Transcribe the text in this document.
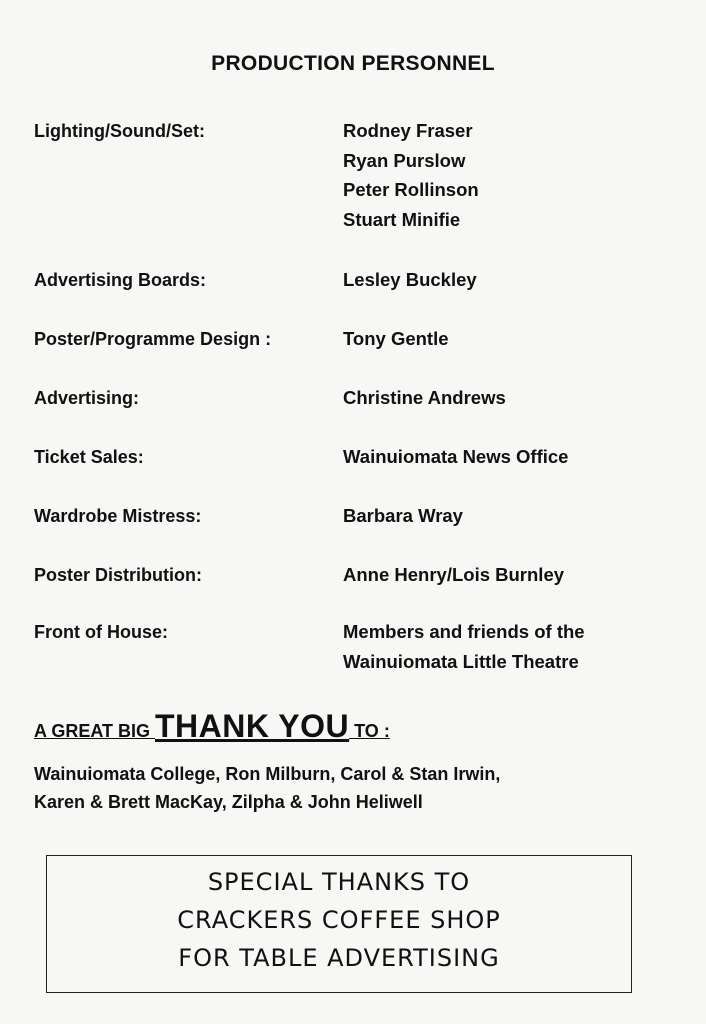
PRODUCTION PERSONNEL
Lighting/Sound/Set:	Rodney Fraser
Ryan Purslow
Peter Rollinson
Stuart Minifie
Advertising Boards:	Lesley Buckley
Poster/Programme Design :	Tony Gentle
Advertising:	Christine Andrews
Ticket Sales:	Wainuiomata News Office
Wardrobe Mistress:	Barbara Wray
Poster Distribution:	Anne Henry/Lois Burnley
Front of House:	Members and friends of the
Wainuiomata Little Theatre
A GREAT BIG THANK YOU TO :
Wainuiomata College, Ron Milburn, Carol & Stan Irwin,
Karen & Brett MacKay, Zilpha & John Heliwell
SPECIAL THANKS TO
CRACKERS COFFEE SHOP
FOR TABLE ADVERTISING
